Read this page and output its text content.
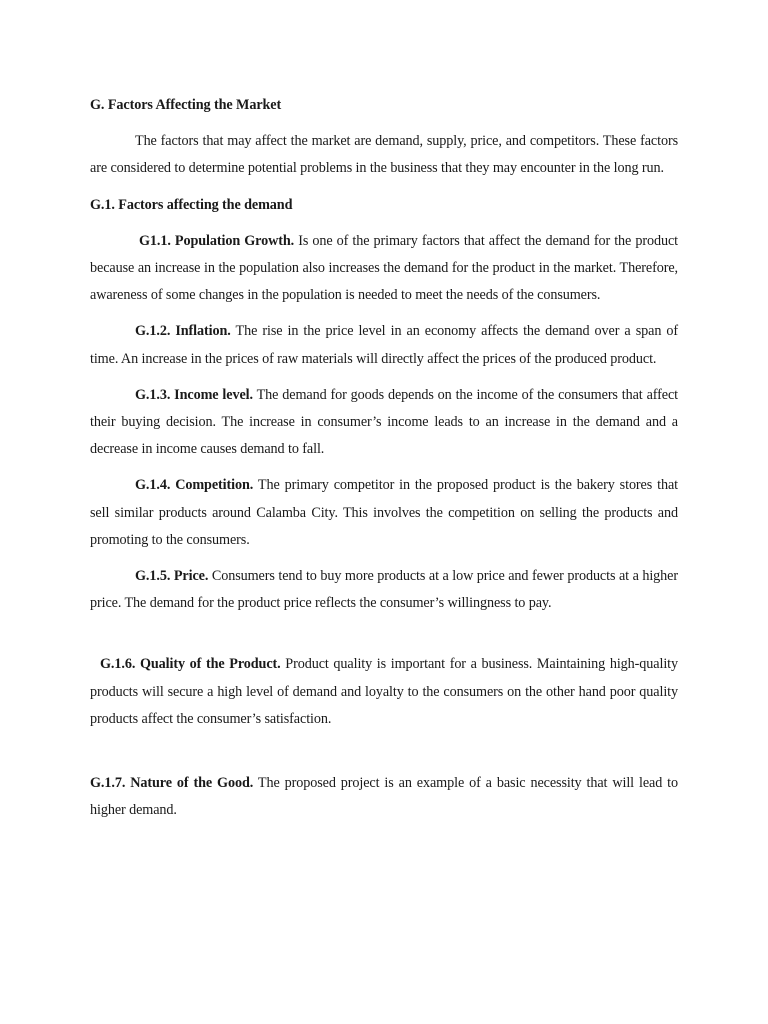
G. Factors Affecting the Market

The factors that may affect the market are demand, supply, price, and competitors. These factors are considered to determine potential problems in the business that they may encounter in the long run.

G.1. Factors affecting the demand

G1.1. Population Growth. Is one of the primary factors that affect the demand for the product because an increase in the population also increases the demand for the product in the market. Therefore, awareness of some changes in the population is needed to meet the needs of the consumers.

G.1.2. Inflation. The rise in the price level in an economy affects the demand over a span of time. An increase in the prices of raw materials will directly affect the prices of the produced product.

G.1.3. Income level. The demand for goods depends on the income of the consumers that affect their buying decision. The increase in consumer’s income leads to an increase in the demand and a decrease in income causes demand to fall.

G.1.4. Competition. The primary competitor in the proposed product is the bakery stores that sell similar products around Calamba City. This involves the competition on selling the products and promoting to the consumers.

G.1.5. Price. Consumers tend to buy more products at a low price and fewer products at a higher price. The demand for the product price reflects the consumer’s willingness to pay.

G.1.6. Quality of the Product. Product quality is important for a business. Maintaining high-quality products will secure a high level of demand and loyalty to the consumers on the other hand poor quality products affect the consumer’s satisfaction.

G.1.7. Nature of the Good. The proposed project is an example of a basic necessity that will lead to higher demand.
